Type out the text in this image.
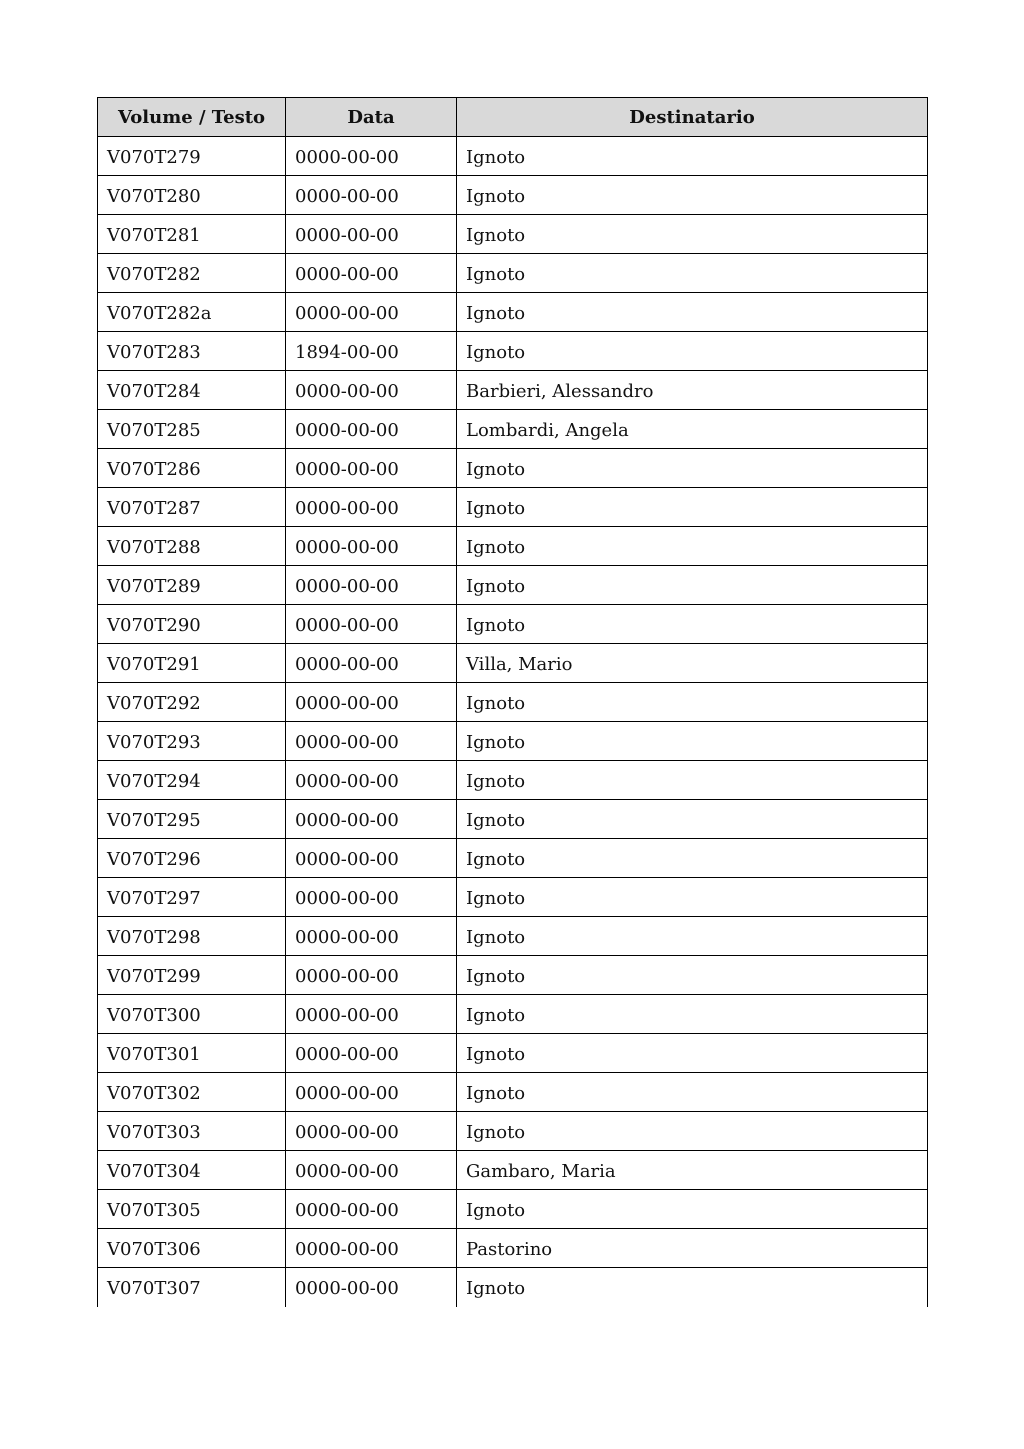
Volume / Testo	Data	Destinatario
V070T279	0000-00-00	Ignoto
V070T280	0000-00-00	Ignoto
V070T281	0000-00-00	Ignoto
V070T282	0000-00-00	Ignoto
V070T282a	0000-00-00	Ignoto
V070T283	1894-00-00	Ignoto
V070T284	0000-00-00	Barbieri, Alessandro
V070T285	0000-00-00	Lombardi, Angela
V070T286	0000-00-00	Ignoto
V070T287	0000-00-00	Ignoto
V070T288	0000-00-00	Ignoto
V070T289	0000-00-00	Ignoto
V070T290	0000-00-00	Ignoto
V070T291	0000-00-00	Villa, Mario
V070T292	0000-00-00	Ignoto
V070T293	0000-00-00	Ignoto
V070T294	0000-00-00	Ignoto
V070T295	0000-00-00	Ignoto
V070T296	0000-00-00	Ignoto
V070T297	0000-00-00	Ignoto
V070T298	0000-00-00	Ignoto
V070T299	0000-00-00	Ignoto
V070T300	0000-00-00	Ignoto
V070T301	0000-00-00	Ignoto
V070T302	0000-00-00	Ignoto
V070T303	0000-00-00	Ignoto
V070T304	0000-00-00	Gambaro, Maria
V070T305	0000-00-00	Ignoto
V070T306	0000-00-00	Pastorino
V070T307	0000-00-00	Ignoto
